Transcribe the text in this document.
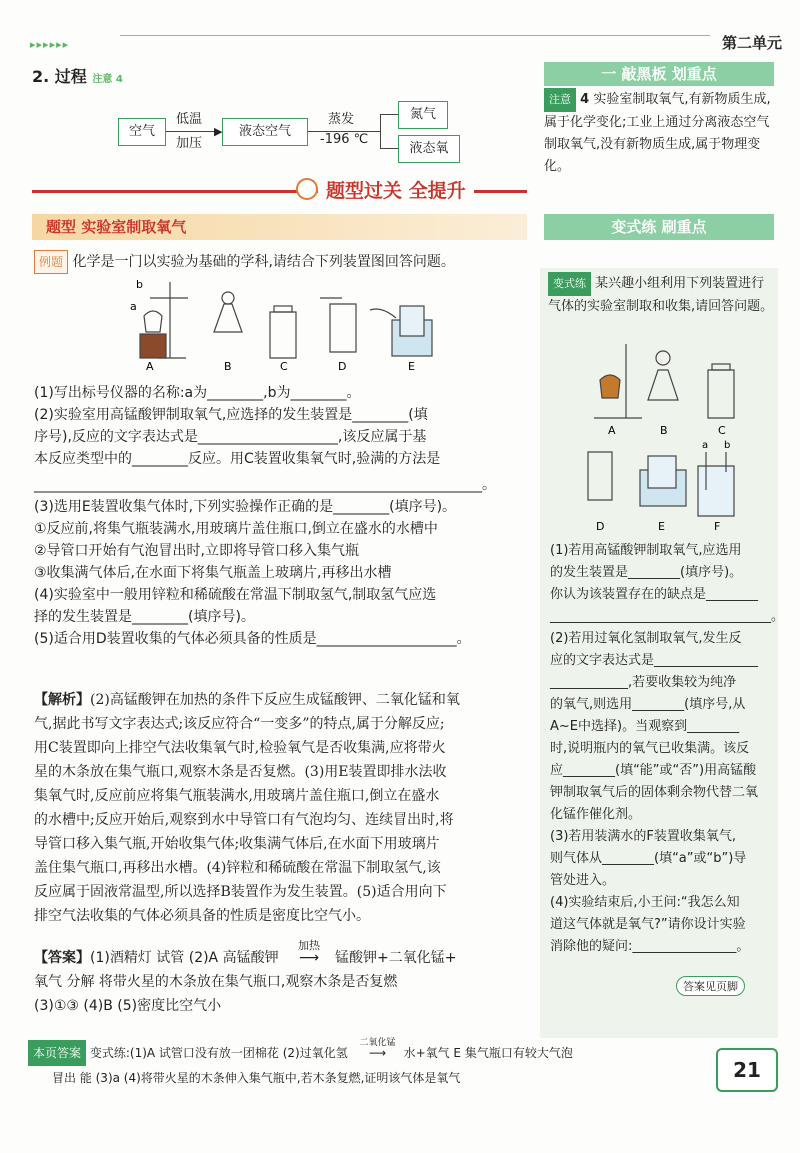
▸▸▸▸▸▸	第二单元
2. 过程 注意 4
空气
低温
加压
▶	液态空气
蒸发
-196 ℃
氮气
液态氧
一 敲黑板 划重点
注意 4 实验室制取氧气,有新物质生成,属于化学变化;工业上通过分离液态空气制取氧气,没有新物质生成,属于物理变化。
题型过关 全提升
题型 实验室制取氧气	变式练 刷重点
例题 化学是一门以实验为基础的学科,请结合下列装置图回答问题。
A	B	C	D	E
b
a
(1)写出标号仪器的名称:a为________,b为________。
(2)实验室用高锰酸钾制取氧气,应选择的发生装置是________(填
序号),反应的文字表达式是____________________,该反应属于基
本反应类型中的________反应。用C装置收集氧气时,验满的方法是
________________________________________________________________。
(3)选用E装置收集气体时,下列实验操作正确的是________(填序号)。
①反应前,将集气瓶装满水,用玻璃片盖住瓶口,倒立在盛水的水槽中
②导管口开始有气泡冒出时,立即将导管口移入集气瓶
③收集满气体后,在水面下将集气瓶盖上玻璃片,再移出水槽
(4)实验室中一般用锌粒和稀硫酸在常温下制取氢气,制取氢气应选
择的发生装置是________(填序号)。
(5)适合用D装置收集的气体必须具备的性质是____________________。
【解析】(2)高锰酸钾在加热的条件下反应生成锰酸钾、二氧化锰和氧
气,据此书写文字表达式;该反应符合“一变多”的特点,属于分解反应;
用C装置即向上排空气法收集氧气时,检验氧气是否收集满,应将带火
星的木条放在集气瓶口,观察木条是否复燃。(3)用E装置即排水法收
集氧气时,反应前应将集气瓶装满水,用玻璃片盖住瓶口,倒立在盛水
的水槽中;反应开始后,观察到水中导管口有气泡均匀、连续冒出时,将
导管口移入集气瓶,开始收集气体;收集满气体后,在水面下用玻璃片
盖住集气瓶口,再移出水槽。(4)锌粒和稀硫酸在常温下制取氢气,该
反应属于固液常温型,所以选择B装置作为发生装置。(5)适合用向下
排空气法收集的气体必须具备的性质是密度比空气小。
【答案】(1)酒精灯 试管 (2)A 高锰酸钾
加热
⟶锰酸钾+二氧化锰+
氧气 分解 将带火星的木条放在集气瓶口,观察木条是否复燃
(3)①③ (4)B (5)密度比空气小
变式练 某兴趣小组利用下列装置进行气体的实验室制取和收集,请回答问题。
A	B	C
D	E	F
a b
(1)若用高锰酸钾制取氧气,应选用
的发生装置是________(填序号)。
你认为该装置存在的缺点是________
__________________________________。
(2)若用过氧化氢制取氧气,发生反
应的文字表达式是________________
____________,若要收集较为纯净
的氧气,则选用________(填序号,从
A~E中选择)。当观察到________
时,说明瓶内的氧气已收集满。该反
应________(填“能”或“否”)用高锰酸
钾制取氧气后的固体剩余物代替二氧
化锰作催化剂。
(3)若用装满水的F装置收集氧气,
则气体从________(填“a”或“b”)导
管处进入。
(4)实验结束后,小王问:“我怎么知
道这气体就是氧气?”请你设计实验
消除他的疑问:________________。
答案见页脚
本页答案 变式练:(1)A 试管口没有放一团棉花 (2)过氧化氢
二氧化锰
⟶水+氧气 E 集气瓶口有较大气泡
冒出 能 (3)a (4)将带火星的木条伸入集气瓶中,若木条复燃,证明该气体是氧气	21
